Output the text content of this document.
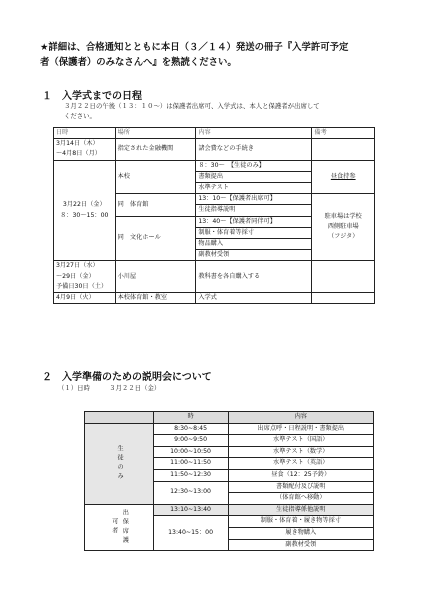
★詳細は、合格通知とともに本日（３／１４）発送の冊子『入学許可予定
者（保護者）のみなさんへ』を熟読ください。
１ 入学式までの日程
３月２２日の午後（１３：１０～）は保護者出席可、入学式は、本人と保護者が出席して
ください。
日時	場所	内容	備考

3月14日（木）
～4月8日（月）	指定された金融機関	諸会費などの手続き	

3月22日（金）
８：30～15：00	本校	８：30～　【生徒のみ】	昼食持参
		書類提出	
		水準テスト	
	同　体育館	13：10～【保護者出席可】	駐車場は学校
西側駐車場
（フジタ）

		生徒指導説明	
	同　文化ホール	13：40～【保護者同伴可】	
		制服・体育着等採寸	
		物品購入	
		副教材受領	

3月27日（水）
～29日（金）
予備日30日（土）	小川屋	教科書を各自購入する	
4月9日（火）	本校体育館・教室	入学式	
２ 入学準備のための説明会について
（１）日時　　　３月２２日（金）
	時	内容
生徒のみ	8:30~8:45	出席点呼・日程説明・書類提出
	9:00~9:50	水準テスト（国語）
	10:00~10:50	水準テスト（数学）
	11:00~11:50	水準テスト（英語）
	11:50~12:30	昼食（12：25予鈴）
	12:30~13:00	書類配付及び説明
		（体育館へ移動）
出保席護可者	13:10~13:40	生徒指導係他説明
	13:40~15：00	制服・体育着・履き物等採寸
		履き物購入
		副教材受領
